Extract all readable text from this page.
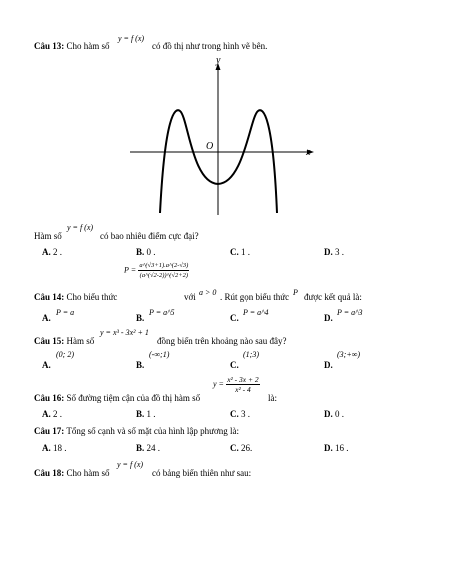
Câu 13: Cho hàm số
y = f (x)
có đồ thị như trong hình vẽ bên.
y
x
O
Hàm số
y = f (x)
có bao nhiêu điểm cực đại?
A. 2 .	B. 0 .	C. 1 .	D. 3 .
$P = \frac{a\^{}(√3+1).a\^{}(2-√3)}{(a\^{}(√2-2))\^{}(√2+2)}$
Câu 14: Cho biểu thức	với a > 0 . Rút gọn biểu thức P được kết quả là:
A.
P = a
B.
P = a^5
C.
P = a^4
D.
P = a^3
Câu 15: Hàm số
y = x³ - 3x² + 1
đồng biến trên khoảng nào sau đây?
(0; 2)
A.
(-∞;1)
B.
(1;3)
C.
(3;+∞)
D.
Câu 16: Số đường tiệm cận của đồ thị hàm số
$y = \frac{\text{x² - 3x + 2}}{\text{x² - 4}}$
là:
A. 2 .	B. 1 .	C. 3 .	D. 0 .
Câu 17: Tổng số cạnh và số mặt của hình lập phương là:
A. 18 .	B. 24 .	C. 26.	D. 16 .
Câu 18: Cho hàm số
y = f (x)
có bảng biến thiên như sau:
